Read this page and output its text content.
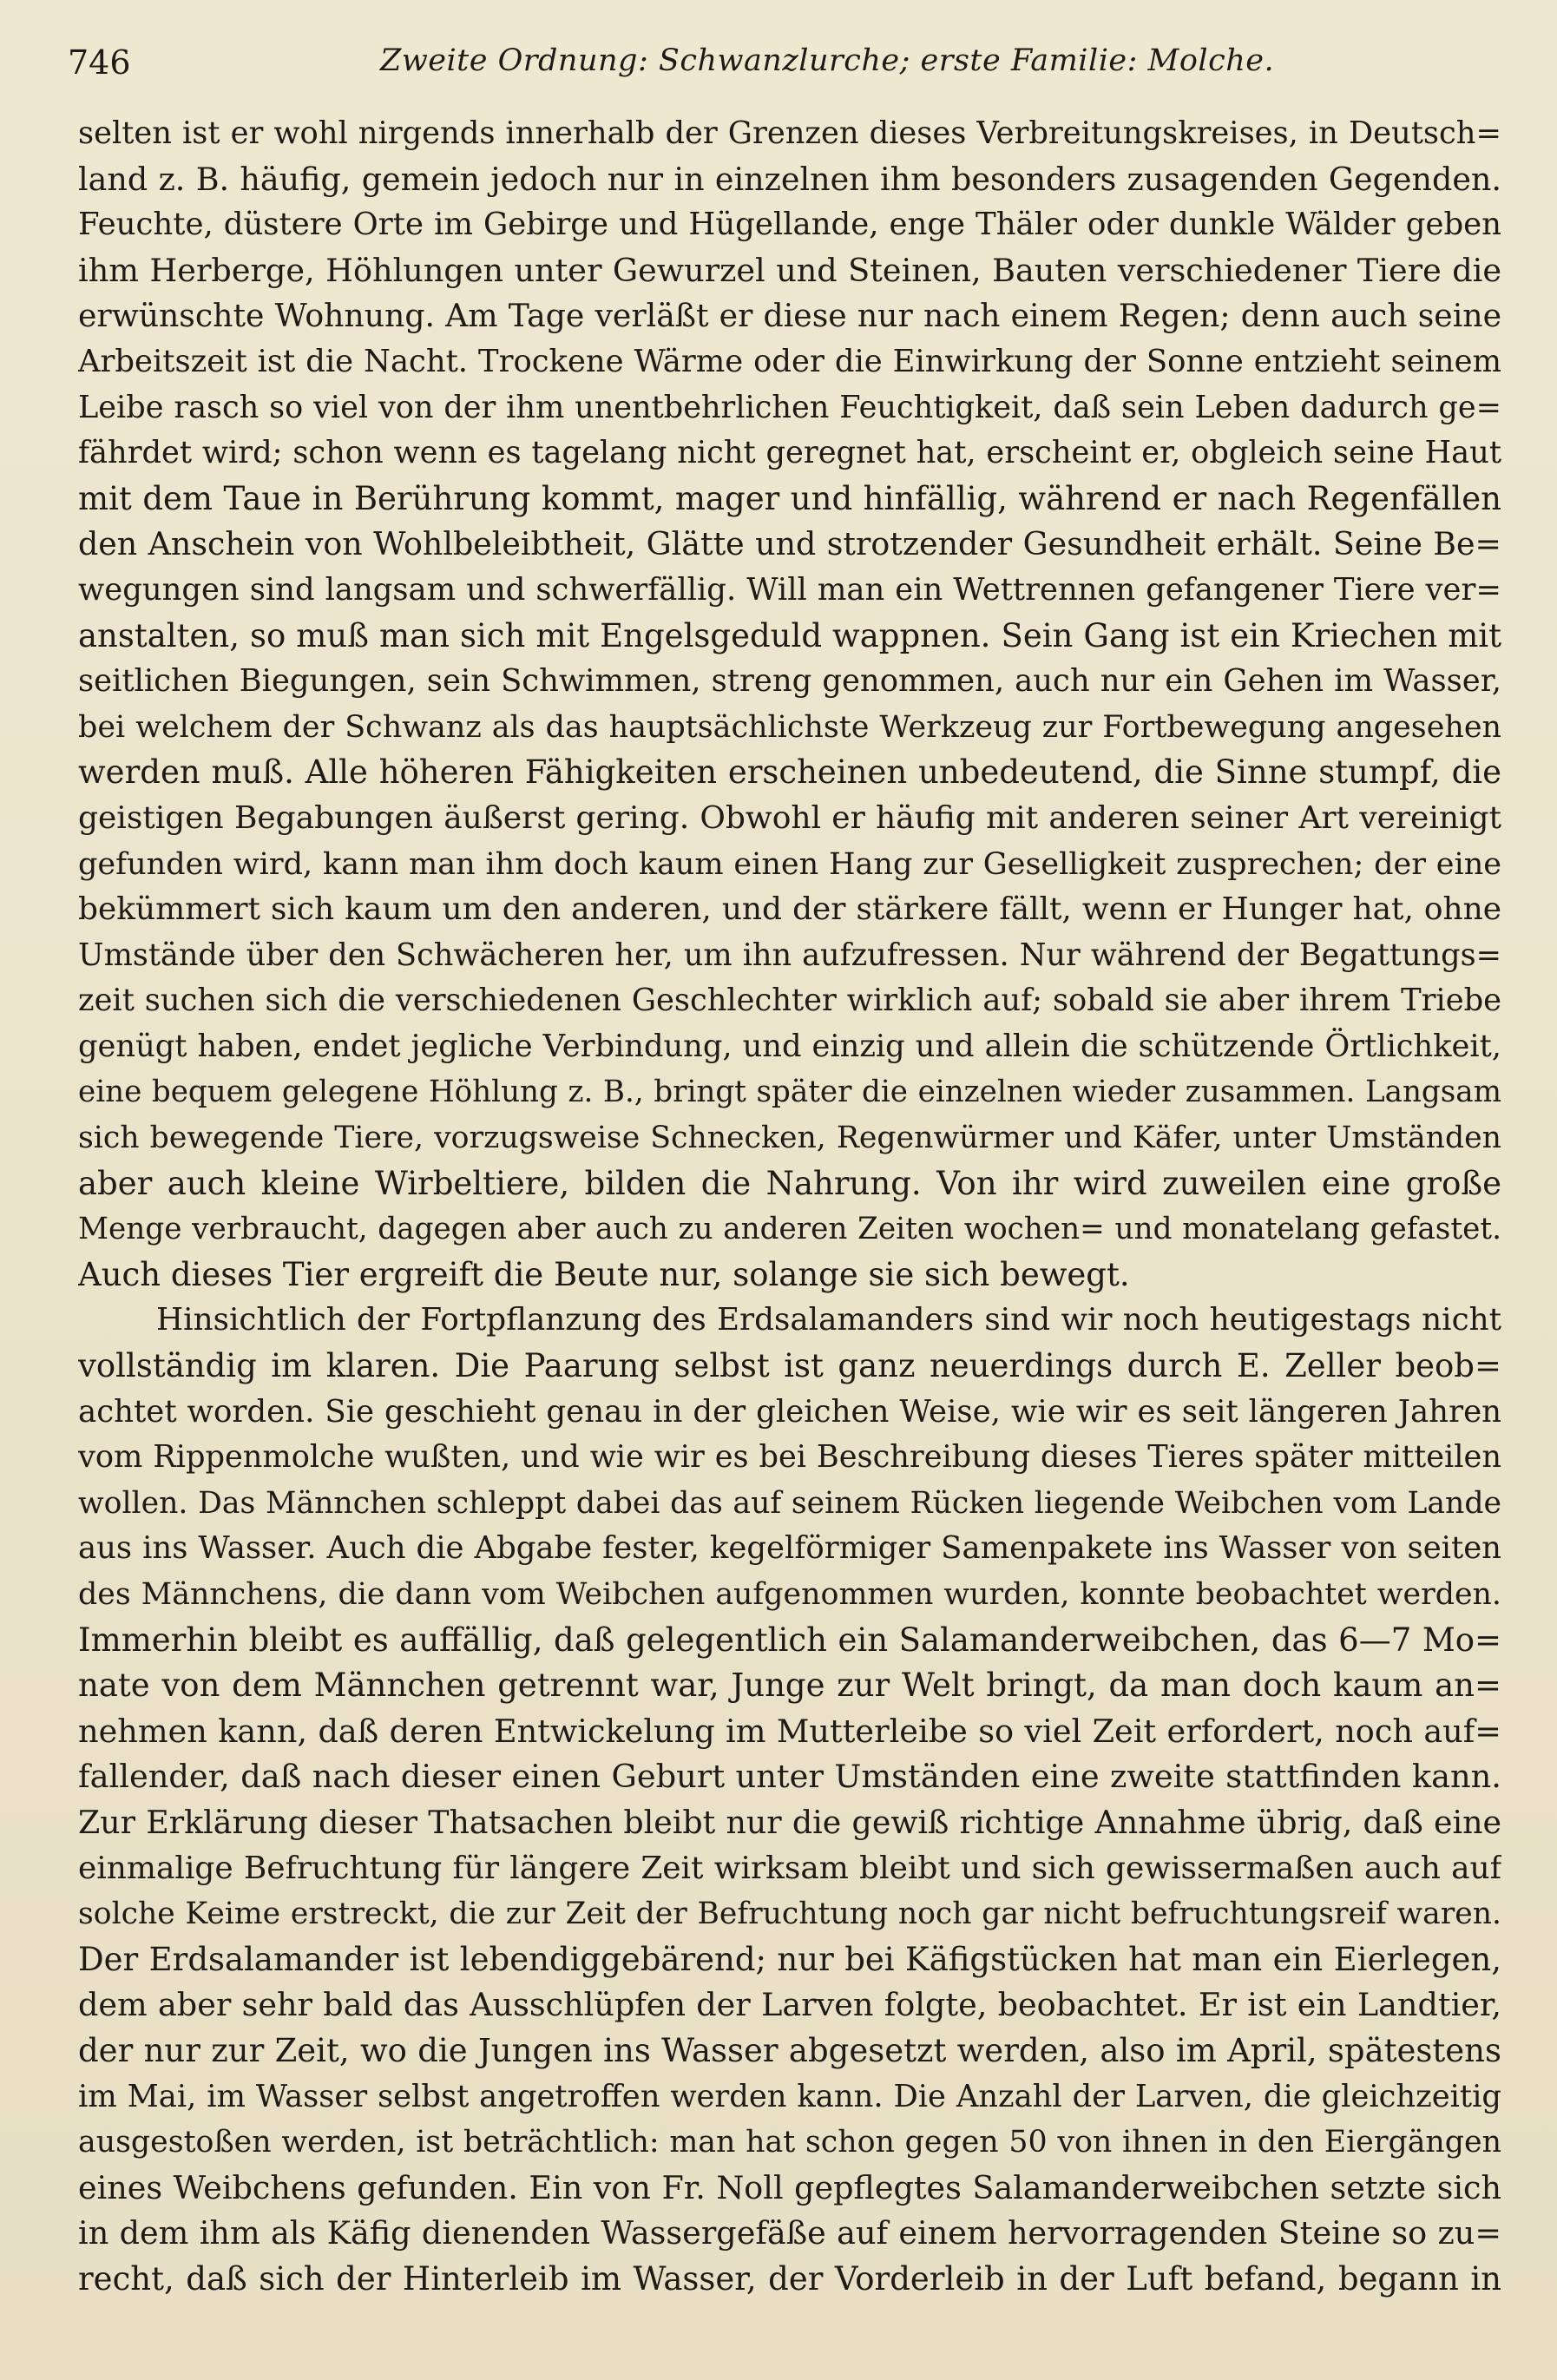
746	Zweite Ordnung: Schwanzlurche; erste Familie: Molche.
selten ist er wohl nirgends innerhalb der Grenzen dieses Verbreitungskreises, in Deutsch=
land z. B. häufig, gemein jedoch nur in einzelnen ihm besonders zusagenden Gegenden.
Feuchte, düstere Orte im Gebirge und Hügellande, enge Thäler oder dunkle Wälder geben
ihm Herberge, Höhlungen unter Gewurzel und Steinen, Bauten verschiedener Tiere die
erwünschte Wohnung. Am Tage verläßt er diese nur nach einem Regen; denn auch seine
Arbeitszeit ist die Nacht. Trockene Wärme oder die Einwirkung der Sonne entzieht seinem
Leibe rasch so viel von der ihm unentbehrlichen Feuchtigkeit, daß sein Leben dadurch ge=
fährdet wird; schon wenn es tagelang nicht geregnet hat, erscheint er, obgleich seine Haut
mit dem Taue in Berührung kommt, mager und hinfällig, während er nach Regenfällen
den Anschein von Wohlbeleibtheit, Glätte und strotzender Gesundheit erhält. Seine Be=
wegungen sind langsam und schwerfällig. Will man ein Wettrennen gefangener Tiere ver=
anstalten, so muß man sich mit Engelsgeduld wappnen. Sein Gang ist ein Kriechen mit
seitlichen Biegungen, sein Schwimmen, streng genommen, auch nur ein Gehen im Wasser,
bei welchem der Schwanz als das hauptsächlichste Werkzeug zur Fortbewegung angesehen
werden muß. Alle höheren Fähigkeiten erscheinen unbedeutend, die Sinne stumpf, die
geistigen Begabungen äußerst gering. Obwohl er häufig mit anderen seiner Art vereinigt
gefunden wird, kann man ihm doch kaum einen Hang zur Geselligkeit zusprechen; der eine
bekümmert sich kaum um den anderen, und der stärkere fällt, wenn er Hunger hat, ohne
Umstände über den Schwächeren her, um ihn aufzufressen. Nur während der Begattungs=
zeit suchen sich die verschiedenen Geschlechter wirklich auf; sobald sie aber ihrem Triebe
genügt haben, endet jegliche Verbindung, und einzig und allein die schützende Örtlichkeit,
eine bequem gelegene Höhlung z. B., bringt später die einzelnen wieder zusammen. Langsam
sich bewegende Tiere, vorzugsweise Schnecken, Regenwürmer und Käfer, unter Umständen
aber auch kleine Wirbeltiere, bilden die Nahrung. Von ihr wird zuweilen eine große
Menge verbraucht, dagegen aber auch zu anderen Zeiten wochen= und monatelang gefastet.
Auch dieses Tier ergreift die Beute nur, solange sie sich bewegt.
Hinsichtlich der Fortpflanzung des Erdsalamanders sind wir noch heutigestags nicht
vollständig im klaren. Die Paarung selbst ist ganz neuerdings durch E. Zeller beob=
achtet worden. Sie geschieht genau in der gleichen Weise, wie wir es seit längeren Jahren
vom Rippenmolche wußten, und wie wir es bei Beschreibung dieses Tieres später mitteilen
wollen. Das Männchen schleppt dabei das auf seinem Rücken liegende Weibchen vom Lande
aus ins Wasser. Auch die Abgabe fester, kegelförmiger Samenpakete ins Wasser von seiten
des Männchens, die dann vom Weibchen aufgenommen wurden, konnte beobachtet werden.
Immerhin bleibt es auffällig, daß gelegentlich ein Salamanderweibchen, das 6—7 Mo=
nate von dem Männchen getrennt war, Junge zur Welt bringt, da man doch kaum an=
nehmen kann, daß deren Entwickelung im Mutterleibe so viel Zeit erfordert, noch auf=
fallender, daß nach dieser einen Geburt unter Umständen eine zweite stattfinden kann.
Zur Erklärung dieser Thatsachen bleibt nur die gewiß richtige Annahme übrig, daß eine
einmalige Befruchtung für längere Zeit wirksam bleibt und sich gewissermaßen auch auf
solche Keime erstreckt, die zur Zeit der Befruchtung noch gar nicht befruchtungsreif waren.
Der Erdsalamander ist lebendiggebärend; nur bei Käfigstücken hat man ein Eierlegen,
dem aber sehr bald das Ausschlüpfen der Larven folgte, beobachtet. Er ist ein Landtier,
der nur zur Zeit, wo die Jungen ins Wasser abgesetzt werden, also im April, spätestens
im Mai, im Wasser selbst angetroffen werden kann. Die Anzahl der Larven, die gleichzeitig
ausgestoßen werden, ist beträchtlich: man hat schon gegen 50 von ihnen in den Eiergängen
eines Weibchens gefunden. Ein von Fr. Noll gepflegtes Salamanderweibchen setzte sich
in dem ihm als Käfig dienenden Wassergefäße auf einem hervorragenden Steine so zu=
recht, daß sich der Hinterleib im Wasser, der Vorderleib in der Luft befand, begann in
